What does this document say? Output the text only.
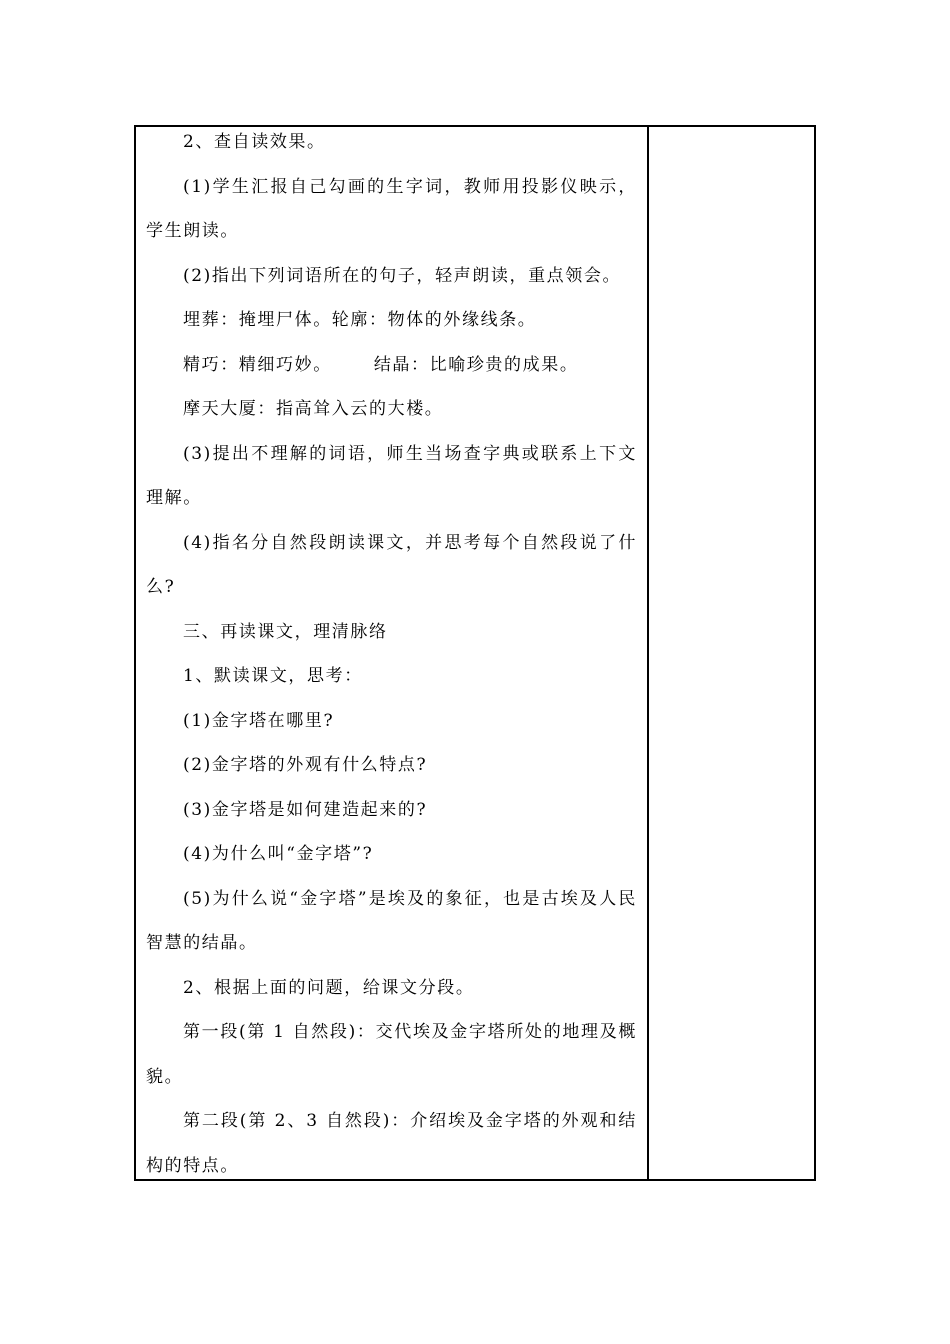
2、查自读效果。

(1)学生汇报自己勾画的生字词，教师用投影仪映示，学生朗读。

(2)指出下列词语所在的句子，轻声朗读，重点领会。

埋葬：掩埋尸体。轮廓：物体的外缘线条。

精巧：精细巧妙。      结晶：比喻珍贵的成果。

摩天大厦：指高耸入云的大楼。

(3)提出不理解的词语，师生当场查字典或联系上下文理解。

(4)指名分自然段朗读课文，并思考每个自然段说了什么?

三、再读课文，理清脉络

1、默读课文，思考：

(1)金字塔在哪里?

(2)金字塔的外观有什么特点?

(3)金字塔是如何建造起来的?

(4)为什么叫“金字塔”?

(5)为什么说“金字塔”是埃及的象征，也是古埃及人民智慧的结晶。

2、根据上面的问题，给课文分段。

第一段(第 1 自然段)：交代埃及金字塔所处的地理及概貌。

第二段(第 2、3 自然段)：介绍埃及金字塔的外观和结构的特点。
